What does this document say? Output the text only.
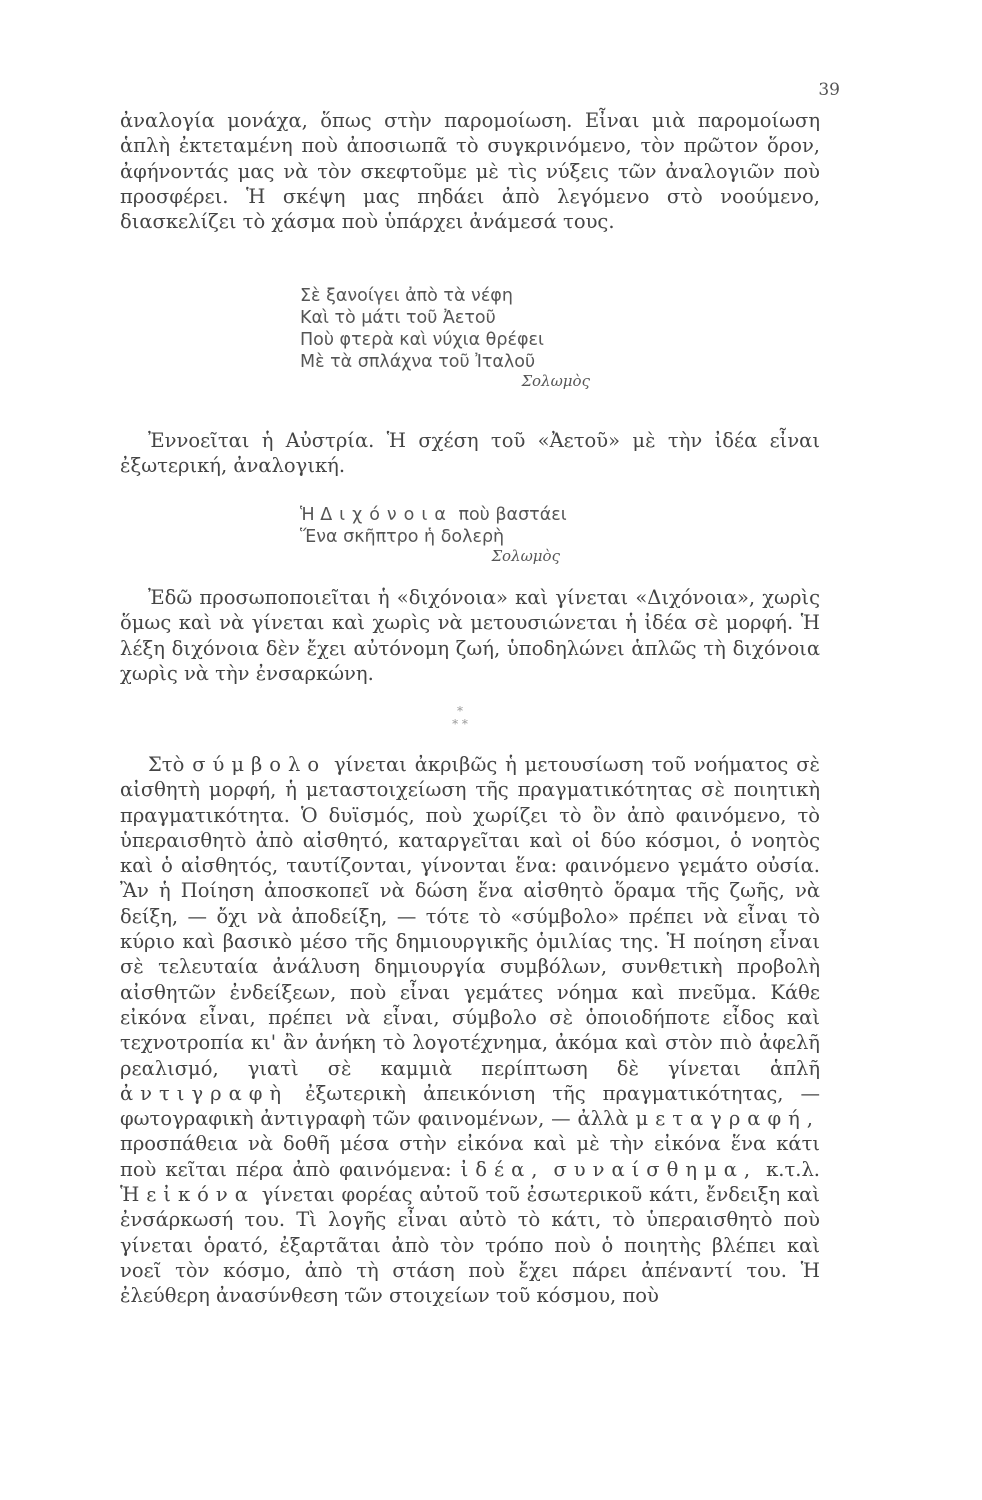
39

ἀναλογία μονάχα, ὅπως στὴν παρομοίωση. Εἶναι μιὰ παρομοίωση ἁπλὴ ἐκτεταμένη ποὺ ἀποσιωπᾶ τὸ συγκρινόμενο, τὸν πρῶτον ὅρον, ἀφήνοντάς μας νὰ τὸν σκεφτοῦμε μὲ τὶς νύξεις τῶν ἀναλογιῶν ποὺ προσφέρει. Ἡ σκέψη μας πηδάει ἀπὸ λεγόμενο στὸ νοούμενο, διασκελίζει τὸ χάσμα ποὺ ὑπάρχει ἀνάμεσά τους.

Σὲ ξανοίγει ἀπὸ τὰ νέφη
Καὶ τὸ μάτι τοῦ Ἀετοῦ
Ποὺ φτερὰ καὶ νύχια θρέφει
Μὲ τὰ σπλάχνα τοῦ Ἰταλοῦ
Σολωμὸς

Ἐννοεῖται ἡ Αὐστρία. Ἡ σχέση τοῦ «Ἀετοῦ» μὲ τὴν ἰδέα εἶναι ἐξωτερική, ἀναλογική.

Ἡ Διχόνοια ποὺ βαστάει
Ἕνα σκῆπτρο ἡ δολερὴ
Σολωμὸς

Ἐδῶ προσωποποιεῖται ἡ «διχόνοια» καὶ γίνεται «Διχόνοια», χωρὶς ὅμως καὶ νὰ γίνεται καὶ χωρὶς νὰ μετουσιώνεται ἡ ἰδέα σὲ μορφή. Ἡ λέξη διχόνοια δὲν ἔχει αὐτόνομη ζωή, ὑποδηλώνει ἁπλῶς τὴ διχόνοια χωρὶς νὰ τὴν ἐνσαρκώνη.

*
* *

Στὸ σύμβολο γίνεται ἀκριβῶς ἡ μετουσίωση τοῦ νοήματος σὲ αἰσθητὴ μορφή, ἡ μεταστοιχείωση τῆς πραγματικότητας σὲ ποιητικὴ πραγματικότητα. Ὁ δυϊσμός, ποὺ χωρίζει τὸ ὂν ἀπὸ φαινόμενο, τὸ ὑπεραισθητὸ ἀπὸ αἰσθητό, καταργεῖται καὶ οἱ δύο κόσμοι, ὁ νοητὸς καὶ ὁ αἰσθητός, ταυτίζονται, γίνονται ἕνα: φαινόμενο γεμάτο οὐσία. Ἂν ἡ Ποίηση ἀποσκοπεῖ νὰ δώση ἕνα αἰσθητὸ ὅραμα τῆς ζωῆς, νὰ δείξη, — ὄχι νὰ ἀποδείξη, — τότε τὸ «σύμβολο» πρέπει νὰ εἶναι τὸ κύριο καὶ βασικὸ μέσο τῆς δημιουργικῆς ὁμιλίας της. Ἡ ποίηση εἶναι σὲ τελευταία ἀνάλυση δημιουργία συμβόλων, συνθετικὴ προβολὴ αἰσθητῶν ἐνδείξεων, ποὺ εἶναι γεμάτες νόημα καὶ πνεῦμα. Κάθε εἰκόνα εἶναι, πρέπει νὰ εἶναι, σύμβολο σὲ ὁποιοδήποτε εἶδος καὶ τεχνοτροπία κι' ἂν ἀνήκη τὸ λογοτέχνημα, ἀκόμα καὶ στὸν πιὸ ἀφελῆ ρεαλισμό, γιατὶ σὲ καμμιὰ περίπτωση δὲ γίνεται ἁπλῆ ἀντιγραφὴ ἐξωτερικὴ ἀπεικόνιση τῆς πραγματικότητας, — φωτογραφικὴ ἀντιγραφὴ τῶν φαινομένων, — ἀλλὰ μεταγραφή, προσπάθεια νὰ δοθῆ μέσα στὴν εἰκόνα καὶ μὲ τὴν εἰκόνα ἕνα κάτι ποὺ κεῖται πέρα ἀπὸ φαινόμενα: ἰδέα, συναίσθημα, κ.τ.λ. Ἡ εἰκόνα γίνεται φορέας αὐτοῦ τοῦ ἐσωτερικοῦ κάτι, ἔνδειξη καὶ ἐνσάρκωσή του. Τὶ λογῆς εἶναι αὐτὸ τὸ κάτι, τὸ ὑπεραισθητὸ ποὺ γίνεται ὁρατό, ἐξαρτᾶται ἀπὸ τὸν τρόπο ποὺ ὁ ποιητὴς βλέπει καὶ νοεῖ τὸν κόσμο, ἀπὸ τὴ στάση ποὺ ἔχει πάρει ἀπέναντί του. Ἡ ἐλεύθερη ἀνασύνθεση τῶν στοιχείων τοῦ κόσμου, ποὺ
